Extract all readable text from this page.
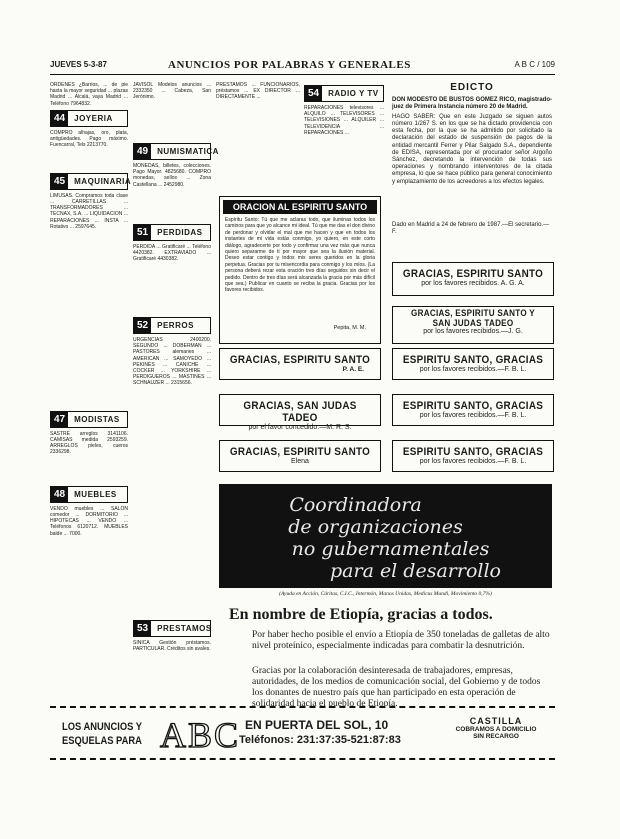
JUEVES 5-3-87	ANUNCIOS POR PALABRAS Y GENERALES	A B C / 109

ORDENES ¿Barrios, ... de pie hasta la mayor seguridad ... plazas Madrid ... Alcalá, vaya Madrid ... Teléfono 7964832.

44	JOYERIA

COMPRO alhajas, oro, plata, antigüedades. Pago máximo. Fuencarral, Tels 2213770.

45	MAQUINARIA

LIMUSAS. Compramos toda clase ... CARRETILLAS ... TRANSFORMADORES ... TECNAX, S.A. ... LIQUIDACION ... REPARACIONES ... INSTA ... Rotativo ... 2597645.

47	MODISTAS

SASTRE arreglos 3141106. CAMISAS medida 2593259. ARREGLOS pieles, cueros 2336298.

48	MUEBLES

VENDO muebles ... SALON comedor ... DORMITORIO ... HIPOTECAS ... VENDO ... Teléfonos 6120712. MUEBLES balde ... 7000.

JAVISOL Modelos anuncios ... 2332350 ... Cabeza, San Jerónimo.

49	NUMISMATICA

MONEDAS, billetes, colecciones. Pago Mayor. 4825680. COMPRO monedas, sellos ... Zona Castellana ... 2452980.

51	PERDIDAS

PERDIDA ... Gratificaré ... Teléfono 4420382. EXTRAVIADO ... Gratificaré 4430382.

52	PERROS

URGENCIAS 2400200. SEGUNDO ... DOBERMAN ... PASTORES alemanes ... AMERICAN ... SAMOYEDO ... PEKINES ... CANICHE ... COCKER ... YORKSHIRE ... PERDIGUEROS ... MASTINES ... SCHNAUZER ... 2315656.

53	PRESTAMOS

SINICA Gestión préstamos. PARTICULAR. Créditos sin avales.

PRESTAMOS ... FUNCIONARIOS, préstamos ... EX DIRECTOR ... DIRECTAMENTE ...	54	RADIO Y TV

REPARACIONES televisores ... ALQUILO ... TELEVISORES ... TELEVISIONES ... ALQUILER ... TELEVIDENCIA ... REPARACIONES ...

ORACION AL ESPIRITU SANTO
Espíritu Santo: Tú que me aclaras todo, que iluminas todos los caminos para que yo alcance mi ideal. Tú que me das el don divino de perdonar y olvidar el mal que me hacen y que en todos los instantes de mi vida estás conmigo, yo quiero, en este corto diálogo, agradecerte por todo y confirmar una vez más que nunca quiero separarme de ti por mayor que sea la ilusión material. Deseo estar contigo y todos mis seres queridos en la gloria perpetua. Gracias por tu misericordia para conmigo y los míos. (La persona deberá rezar esta oración tres días seguidos sin decir el pedido. Dentro de tres días será alcanzada la gracia por más difícil que sea.) Publicar en cuanto se reciba la gracia. Gracias por los favores recibidos.
Pepita, M. M.
GRACIAS, ESPIRITU SANTO
P. A. E.
GRACIAS, SAN JUDAS TADEO
por el favor concedido.—M. R. S.
GRACIAS, ESPIRITU SANTO
Elena
EDICTO
DON MODESTO DE BUSTOS GOMEZ RICO, magistrado-juez de Primera Instancia número 20 de Madrid.
HAGO SABER: Que en este Juzgado se siguen autos número 1/267 S. en los que se ha dictado providencia con esta fecha, por la que se ha admitido por solicitado la declaración del estado de suspensión de pagos de la entidad mercantil Ferrer y Pilar Salgado S.A., dependiente de EDISA, representada por el procurador señor Argoño Sánchez, decretando la intervención de todas sus operaciones y nombrando interventores de la citada empresa, lo que se hace público para general conocimiento y emplazamiento de los acreedores a los efectos legales.
Dado en Madrid a 24 de febrero de 1987.—El secretario.—F.
GRACIAS, ESPIRITU SANTO
por los favores recibidos. A. G. A.
GRACIAS, ESPIRITU SANTO Y SAN JUDAS TADEO
por los favores recibidos.—J. G.
ESPIRITU SANTO, GRACIAS
por los favores recibidos.—F. B. L.
ESPIRITU SANTO, GRACIAS
por los favores recibidos.—F. B. L.
ESPIRITU SANTO, GRACIAS
por los favores recibidos.—F. B. L.
Coordinadora
de organizaciones
no gubernamentales
para el desarrollo
(Ayuda en Acción, Cáritas, C.I.C., Intermón, Manos Unidas, Medicus Mundi, Movimiento 0,7%)
En nombre de Etiopía, gracias a todos.
Por haber hecho posible el envío a Etiopía de 350 toneladas de galletas de alto nivel proteínico, especialmente indicadas para combatir la desnutrición.
Gracias por la colaboración desinteresada de trabajadores, empresas, autoridades, de los medios de comunicación social, del Gobierno y de todos los donantes de nuestro país que han participado en esta operación de solidaridad hacia el pueblo de Etiopía.
LOS ANUNCIOS Y
ESQUELAS PARA ABC EN PUERTA DEL SOL, 10
Teléfonos: 231:37:35-521:87:83
CASTILLA
COBRAMOS A DOMICILIO
SIN RECARGO
